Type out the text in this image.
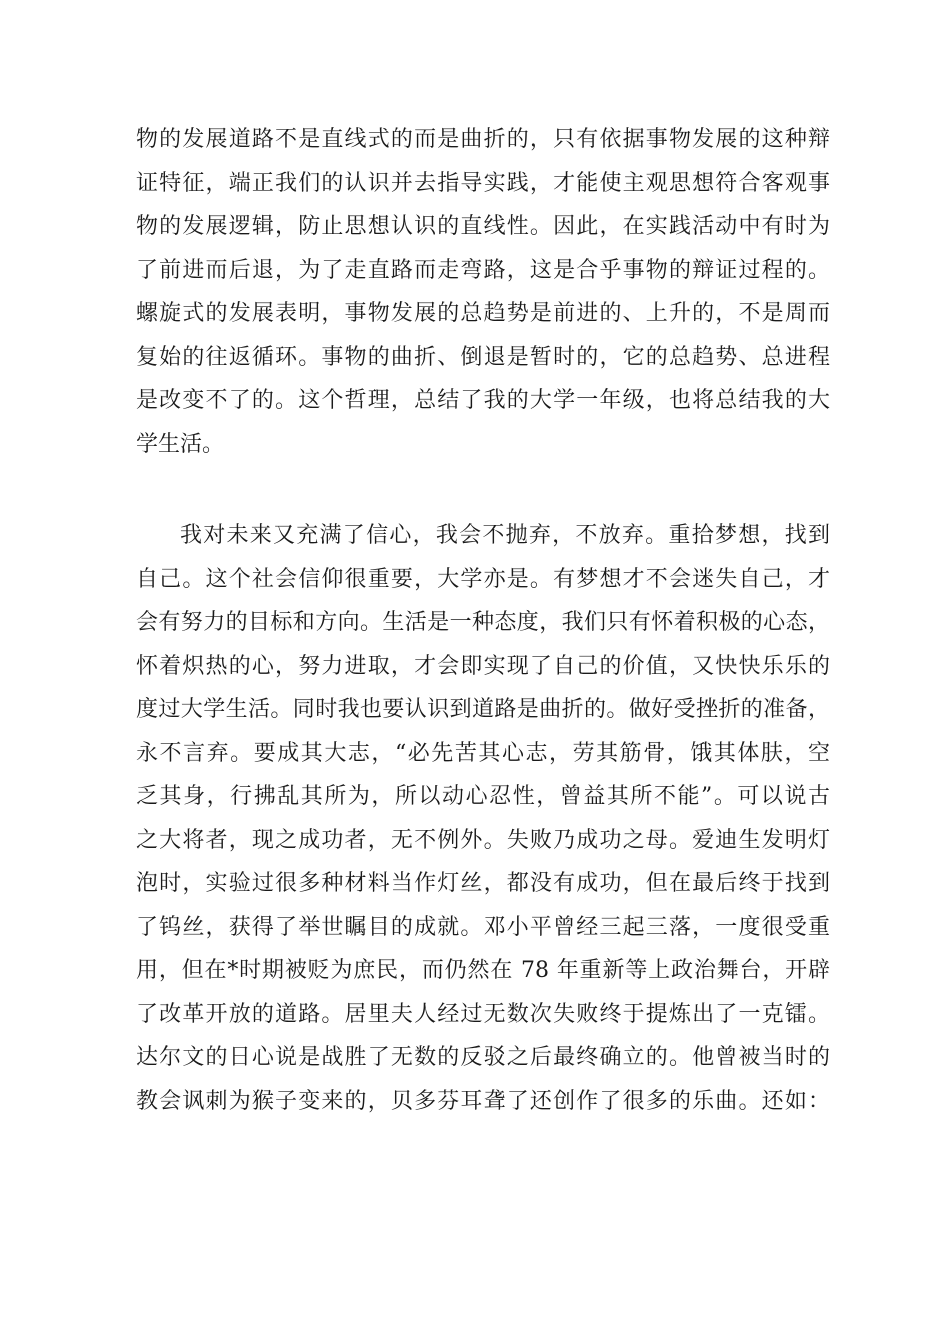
物的发展道路不是直线式的而是曲折的，只有依据事物发展的这种辩
证特征，端正我们的认识并去指导实践，才能使主观思想符合客观事
物的发展逻辑，防止思想认识的直线性。因此，在实践活动中有时为
了前进而后退，为了走直路而走弯路，这是合乎事物的辩证过程的。
螺旋式的发展表明，事物发展的总趋势是前进的、上升的，不是周而
复始的往返循环。事物的曲折、倒退是暂时的，它的总趋势、总进程
是改变不了的。这个哲理，总结了我的大学一年级，也将总结我的大
学生活。
我对未来又充满了信心，我会不抛弃，不放弃。重拾梦想，找到
自己。这个社会信仰很重要，大学亦是。有梦想才不会迷失自己，才
会有努力的目标和方向。生活是一种态度，我们只有怀着积极的心态，
怀着炽热的心，努力进取，才会即实现了自己的价值，又快快乐乐的
度过大学生活。同时我也要认识到道路是曲折的。做好受挫折的准备，
永不言弃。要成其大志，“必先苦其心志，劳其筋骨，饿其体肤，空
乏其身，行拂乱其所为，所以动心忍性，曾益其所不能”。可以说古
之大将者，现之成功者，无不例外。失败乃成功之母。爱迪生发明灯
泡时，实验过很多种材料当作灯丝，都没有成功，但在最后终于找到
了钨丝，获得了举世瞩目的成就。邓小平曾经三起三落，一度很受重
用，但在*时期被贬为庶民，而仍然在 78 年重新等上政治舞台，开辟
了改革开放的道路。居里夫人经过无数次失败终于提炼出了一克镭。
达尔文的日心说是战胜了无数的反驳之后最终确立的。他曾被当时的
教会讽刺为猴子变来的，贝多芬耳聋了还创作了很多的乐曲。还如：
